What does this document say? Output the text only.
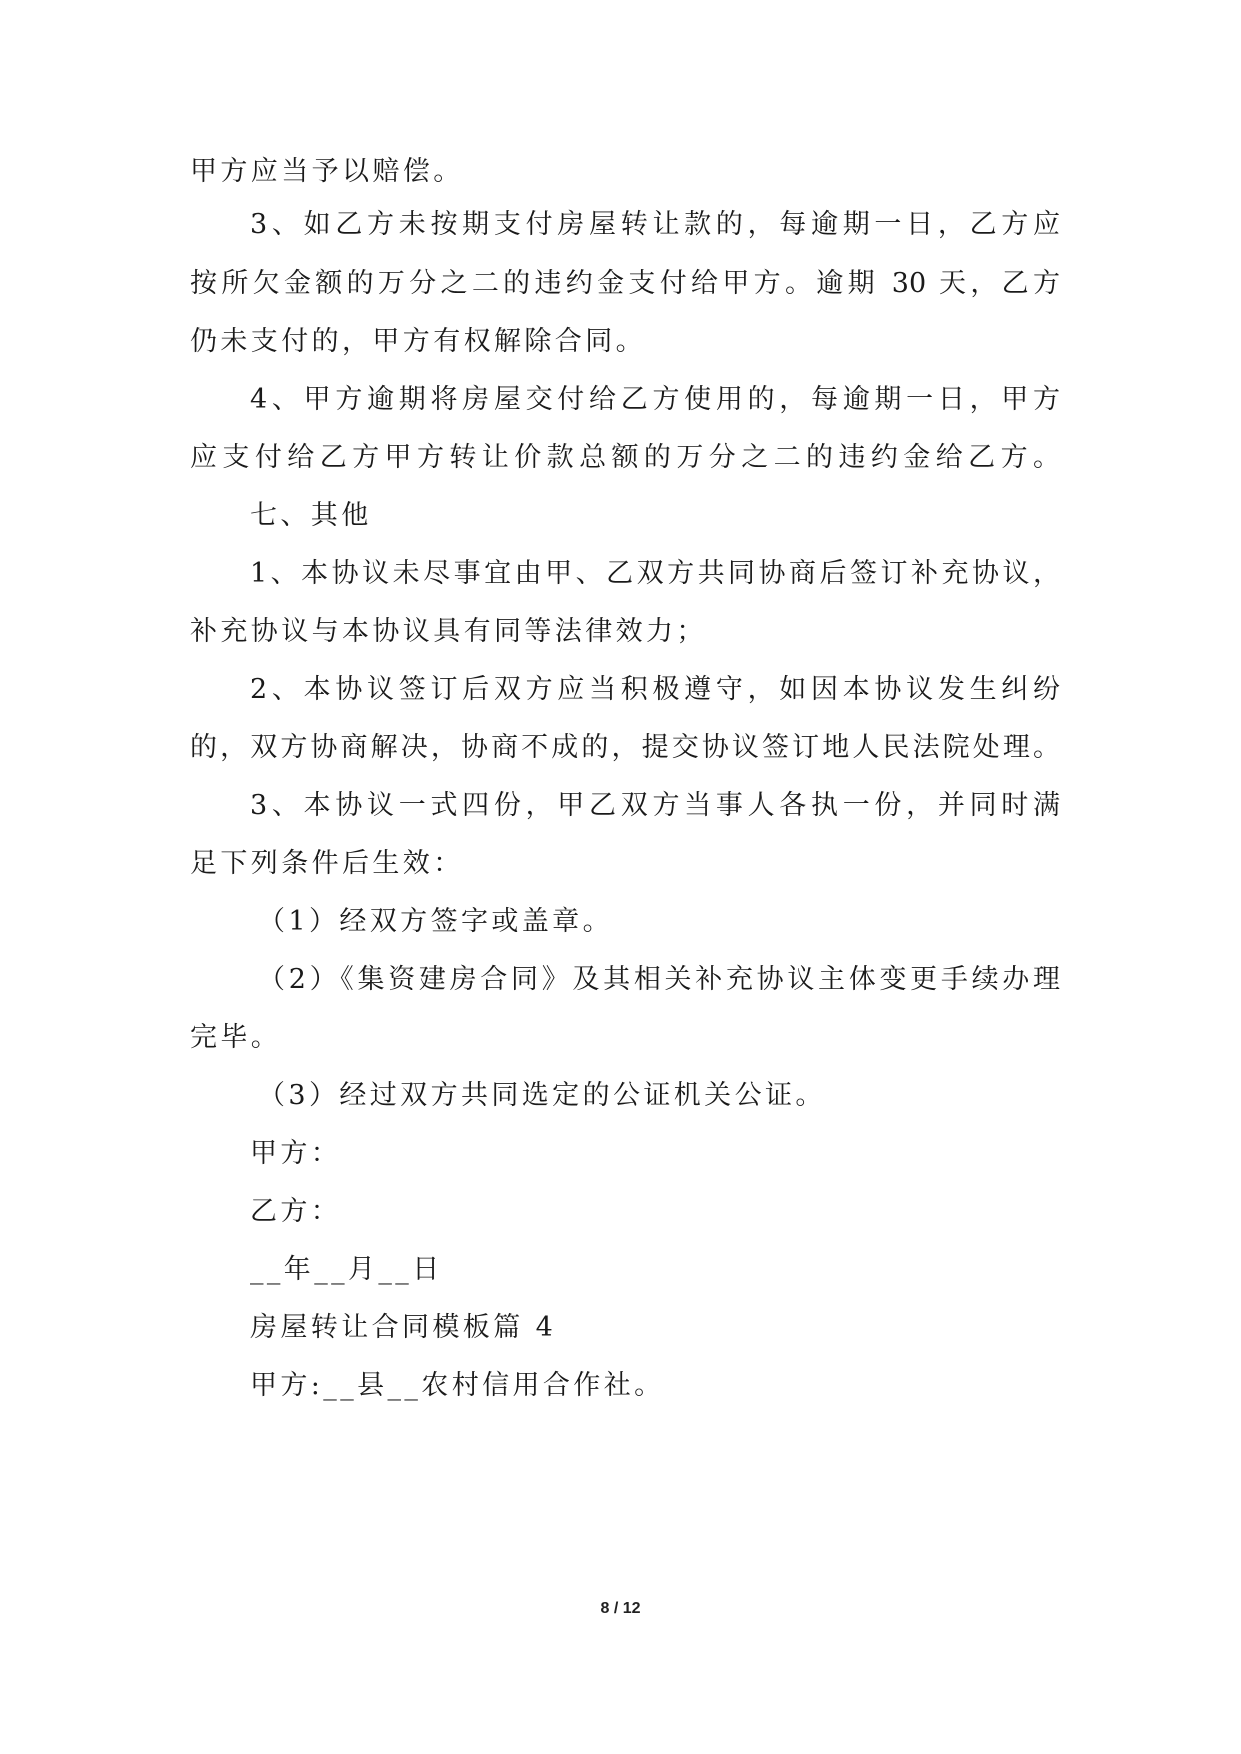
甲方应当予以赔偿。
3、如乙方未按期支付房屋转让款的，每逾期一日，乙方应
按所欠金额的万分之二的违约金支付给甲方。逾期 30 天，乙方
仍未支付的，甲方有权解除合同。
4、甲方逾期将房屋交付给乙方使用的，每逾期一日，甲方
应支付给乙方甲方转让价款总额的万分之二的违约金给乙方。
七、其他
1、本协议未尽事宜由甲、乙双方共同协商后签订补充协议，
补充协议与本协议具有同等法律效力；
2、本协议签订后双方应当积极遵守，如因本协议发生纠纷
的，双方协商解决，协商不成的，提交协议签订地人民法院处理。
3、本协议一式四份，甲乙双方当事人各执一份，并同时满
足下列条件后生效：
（1）经双方签字或盖章。
（2）《集资建房合同》及其相关补充协议主体变更手续办理
完毕。
（3）经过双方共同选定的公证机关公证。
甲方：
乙方：
__年__月__日
房屋转让合同模板篇 4
甲方:__县__农村信用合作社。
8 / 12
